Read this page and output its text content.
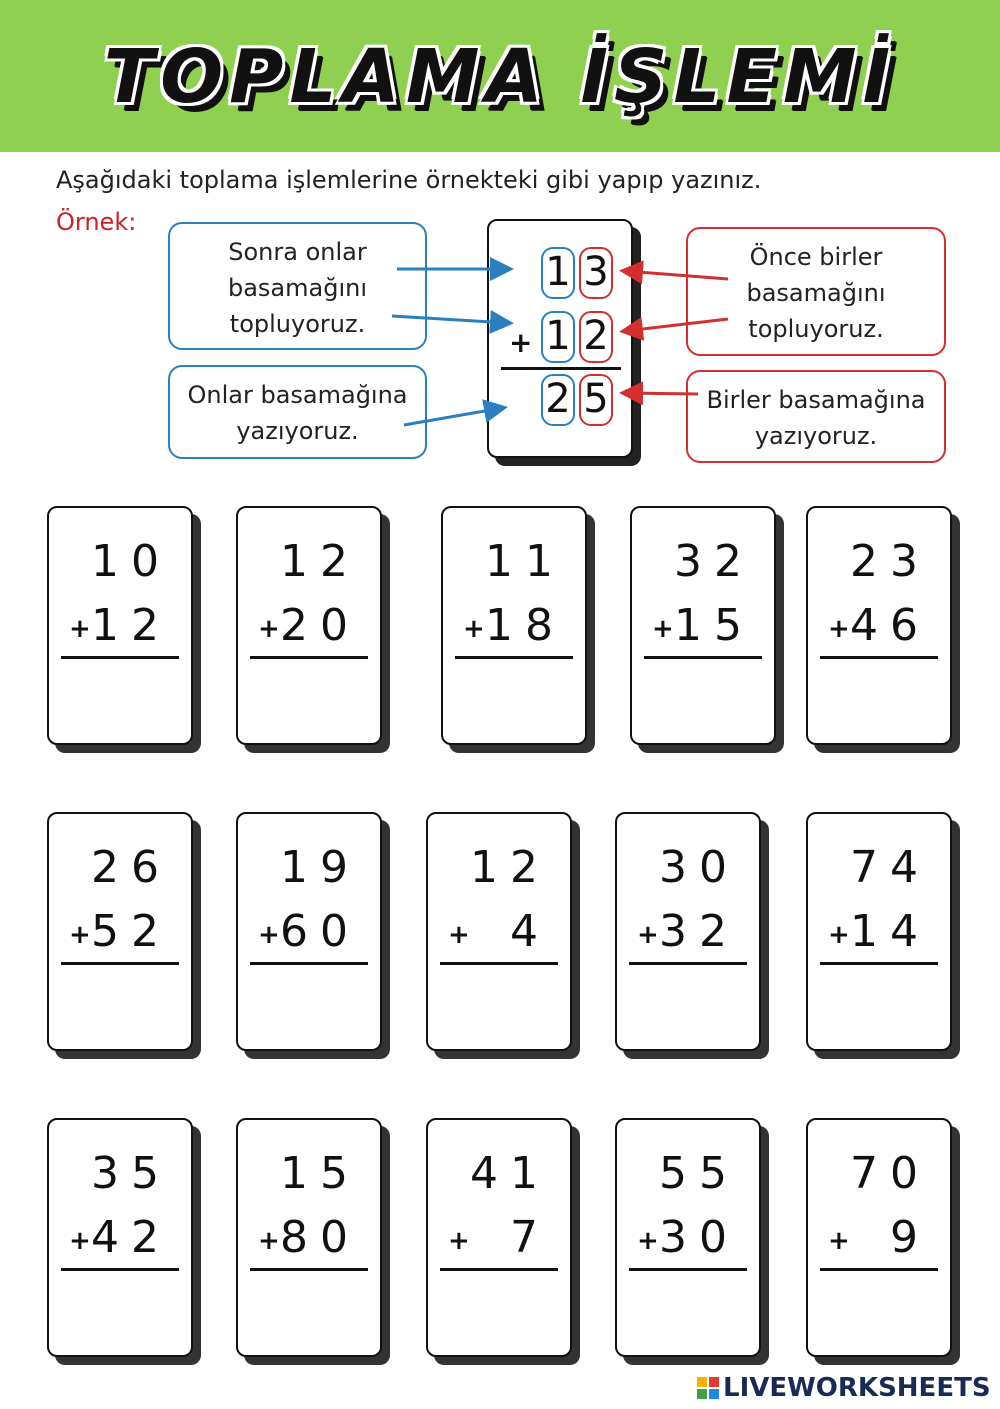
TOPLAMA İŞLEMİ
Aşağıdaki toplama işlemlerine örnekteki gibi yapıp yazınız.
Örnek:
Sonra onlar
basamağını
topluyoruz.
Onlar basamağına
yazıyoruz.
Önce birler
basamağını
topluyoruz.
Birler basamağına
yazıyoruz.
1 3
+ 1 2
2 5
10
+ 12
12
+ 20
11
+ 18
32
+ 15
23
+ 46
26
+ 52
19
+ 60
12
+ 4
30
+ 32
74
+ 14
35
+ 42
15
+ 80
41
+ 7
55
+ 30
70
+ 9
LIVEWORKSHEETS
